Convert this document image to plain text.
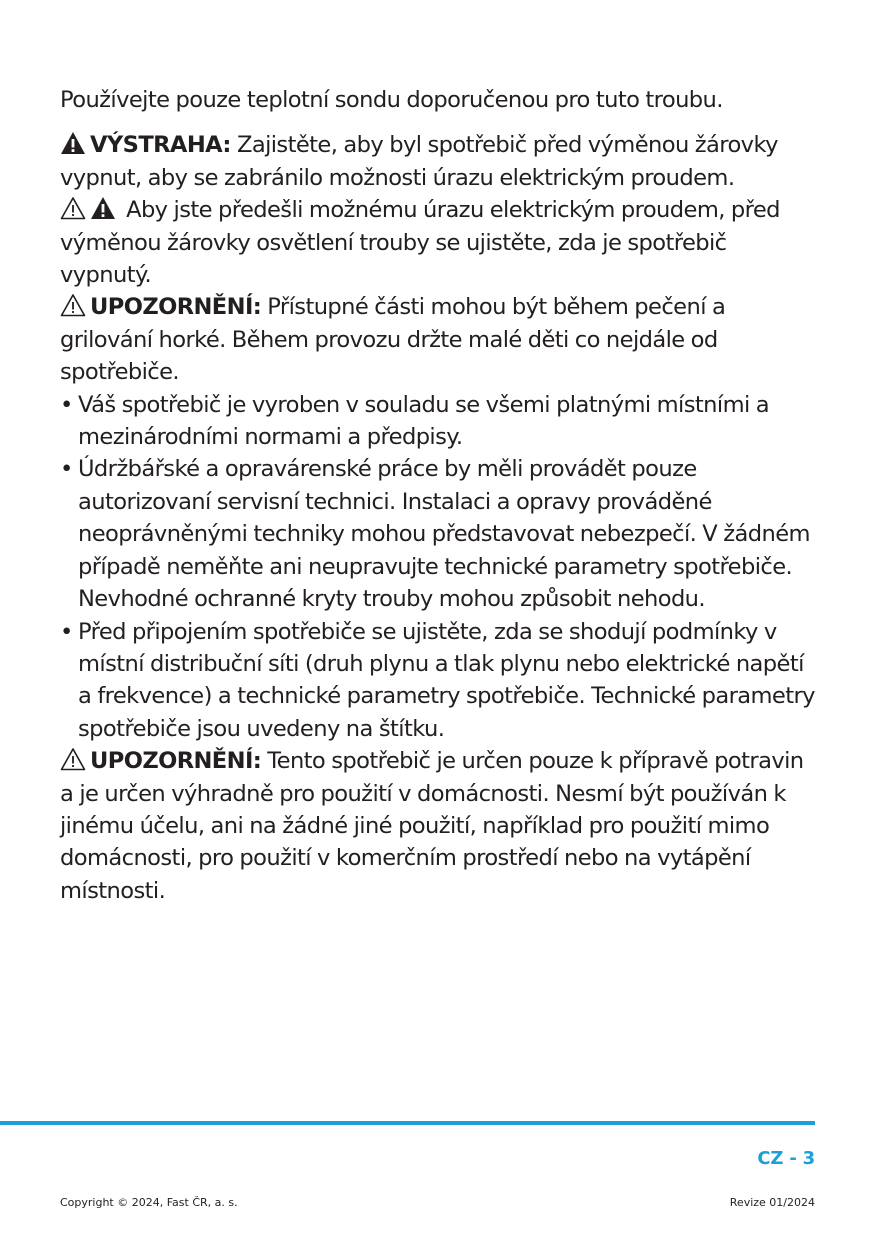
Používejte pouze teplotní sondu doporučenou pro tuto troubu.

VÝSTRAHA: Zajistěte, aby byl spotřebič před výměnou žárovky vypnut, aby se zabránilo možnosti úrazu elektrickým proudem.

Aby jste předešli možnému úrazu elektrickým proudem, před výměnou žárovky osvětlení trouby se ujistěte, zda je spotřebič vypnutý.

UPOZORNĚNÍ: Přístupné části mohou být během pečení a grilování horké. Během provozu držte malé děti co nejdále od spotřebiče.

• Váš spotřebič je vyroben v souladu se všemi platnými místními a mezinárodními normami a předpisy.
• Údržbářské a opravárenské práce by měli provádět pouze autorizovaní servisní technici. Instalaci a opravy prováděné neoprávněnými techniky mohou představovat nebezpečí. V žádném případě neměňte ani neupravujte technické parametry spotřebiče. Nevhodné ochranné kryty trouby mohou způsobit nehodu.
• Před připojením spotřebiče se ujistěte, zda se shodují podmínky v místní distribuční síti (druh plynu a tlak plynu nebo elektrické napětí a frekvence) a technické parametry spotřebiče. Technické parametry spotřebiče jsou uvedeny na štítku.

UPOZORNĚNÍ: Tento spotřebič je určen pouze k přípravě potravin a je určen výhradně pro použití v domácnosti. Nesmí být používán k jinému účelu, ani na žádné jiné použití, například pro použití mimo domácnosti, pro použití v komerčním prostředí nebo na vytápění místnosti.

CZ - 3
Copyright © 2024, Fast ČR, a. s.	Revize 01/2024
